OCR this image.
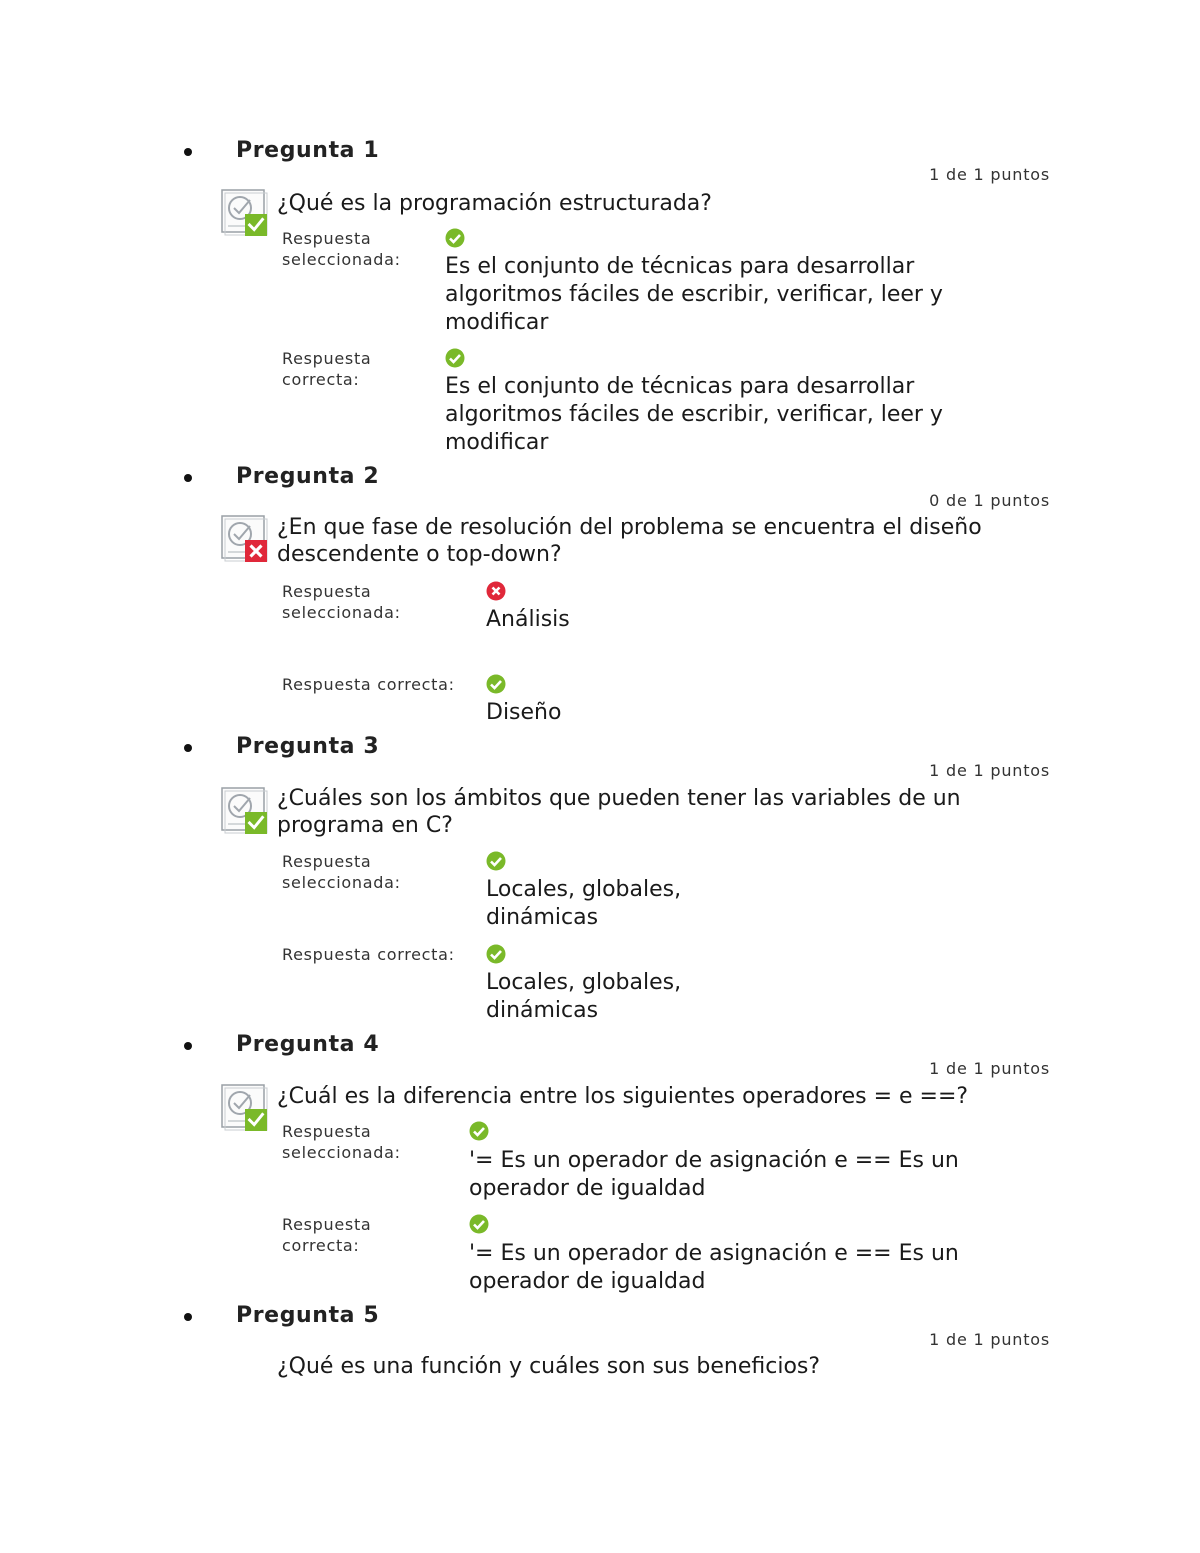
Pregunta 1
1 de 1 puntos
¿Qué es la programación estructurada?
Respuesta seleccionada:	Es el conjunto de técnicas para desarrollar algoritmos fáciles de escribir, verificar, leer y modificar
Respuesta correcta:	Es el conjunto de técnicas para desarrollar algoritmos fáciles de escribir, verificar, leer y modificar
Pregunta 2
0 de 1 puntos
¿En que fase de resolución del problema se encuentra el diseño descendente o top-down?
Respuesta seleccionada:	Análisis
Respuesta correcta:
Diseño
Pregunta 3
1 de 1 puntos
¿Cuáles son los ámbitos que pueden tener las variables de un programa en C?
Respuesta seleccionada:	Locales, globales, dinámicas
Respuesta correcta:
Locales, globales, dinámicas
Pregunta 4
1 de 1 puntos
¿Cuál es la diferencia entre los siguientes operadores = e ==?
Respuesta seleccionada:	'= Es un operador de asignación e == Es un operador de igualdad
Respuesta correcta:	'= Es un operador de asignación e == Es un operador de igualdad
Pregunta 5
1 de 1 puntos
¿Qué es una función y cuáles son sus beneficios?
